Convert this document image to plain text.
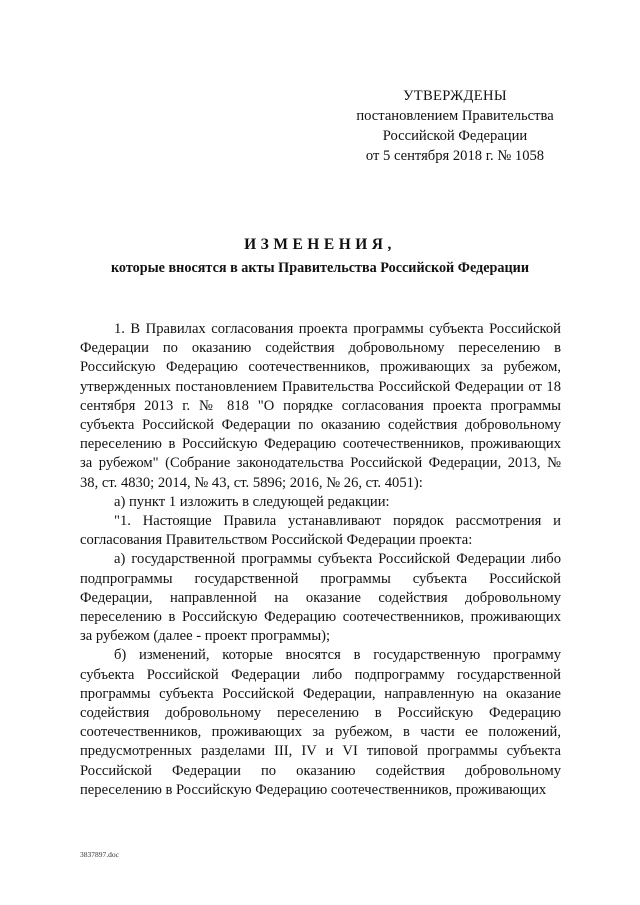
УТВЕРЖДЕНЫ
постановлением Правительства
Российской Федерации
от 5 сентября 2018 г. № 1058
ИЗМЕНЕНИЯ,
которые вносятся в акты Правительства Российской Федерации

1. В Правилах согласования проекта программы субъекта Российской Федерации по оказанию содействия добровольному переселению в Российскую Федерацию соотечественников, проживающих за рубежом, утвержденных постановлением Правительства Российской Федерации от 18 сентября 2013 г. № 818 "О порядке согласования проекта программы субъекта Российской Федерации по оказанию содействия добровольному переселению в Российскую Федерацию соотечественников, проживающих за рубежом" (Собрание законодательства Российской Федерации, 2013, № 38, ст. 4830; 2014, № 43, ст. 5896; 2016, № 26, ст. 4051):

а) пункт 1 изложить в следующей редакции:

"1. Настоящие Правила устанавливают порядок рассмотрения и согласования Правительством Российской Федерации проекта:

а) государственной программы субъекта Российской Федерации либо подпрограммы государственной программы субъекта Российской Федерации, направленной на оказание содействия добровольному переселению в Российскую Федерацию соотечественников, проживающих за рубежом (далее - проект программы);

б) изменений, которые вносятся в государственную программу субъекта Российской Федерации либо подпрограмму государственной программы субъекта Российской Федерации, направленную на оказание содействия добровольному переселению в Российскую Федерацию соотечественников, проживающих за рубежом, в части ее положений, предусмотренных разделами III, IV и VI типовой программы субъекта Российской Федерации по оказанию содействия добровольному переселению в Российскую Федерацию соотечественников, проживающих

3837897.doc
